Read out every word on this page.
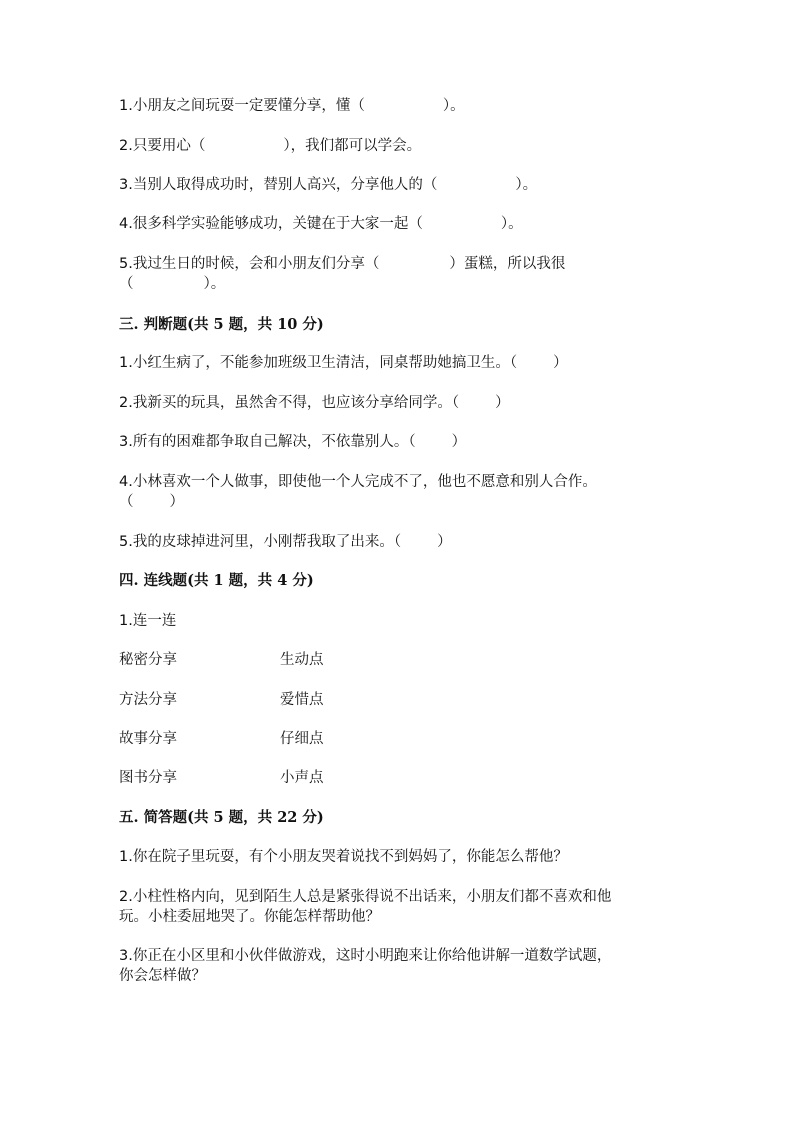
1.小朋友之间玩耍一定要懂分享，懂（	）。
2.只要用心（	），我们都可以学会。
3.当别人取得成功时，替别人高兴，分享他人的（	）。
4.很多科学实验能够成功，关键在于大家一起（	）。
5.我过生日的时候，会和小朋友们分享（	）蛋糕，所以我很
（	）。
三. 判断题(共 5 题，共 10 分)
1.小红生病了，不能参加班级卫生清洁，同桌帮助她搞卫生。（ ）
2.我新买的玩具，虽然舍不得，也应该分享给同学。（ ）
3.所有的困难都争取自己解决，不依靠别人。（ ）
4.小林喜欢一个人做事，即使他一个人完成不了，他也不愿意和别人合作。
（ ）
5.我的皮球掉进河里，小刚帮我取了出来。（ ）
四. 连线题(共 1 题，共 4 分)
1.连一连
秘密分享	生动点
方法分享	爱惜点
故事分享	仔细点
图书分享	小声点
五. 简答题(共 5 题，共 22 分)
1.你在院子里玩耍，有个小朋友哭着说找不到妈妈了，你能怎么帮他？
2.小柱性格内向，见到陌生人总是紧张得说不出话来，小朋友们都不喜欢和他
玩。小柱委屈地哭了。你能怎样帮助他？
3.你正在小区里和小伙伴做游戏，这时小明跑来让你给他讲解一道数学试题，
你会怎样做？
